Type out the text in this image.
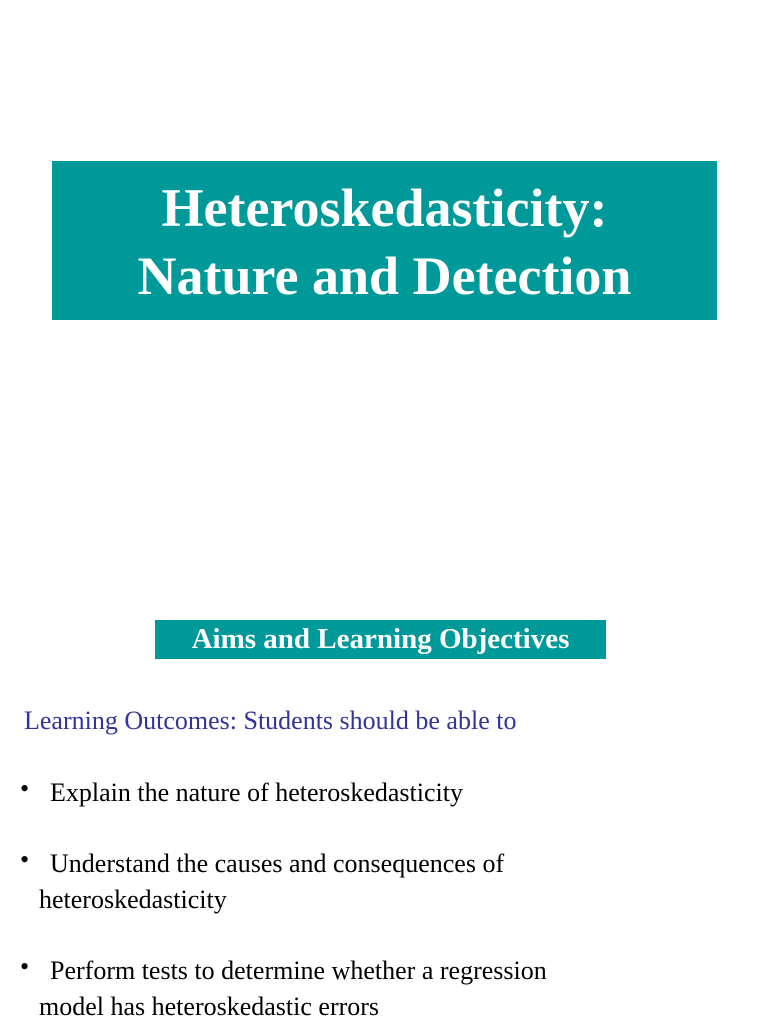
Heteroskedasticity:
Nature and Detection
Aims and Learning Objectives
Learning Outcomes: Students should be able to
• Explain the nature of heteroskedasticity
• Understand the causes and consequences of
heteroskedasticity
• Perform tests to determine whether a regression
model has heteroskedastic errors
